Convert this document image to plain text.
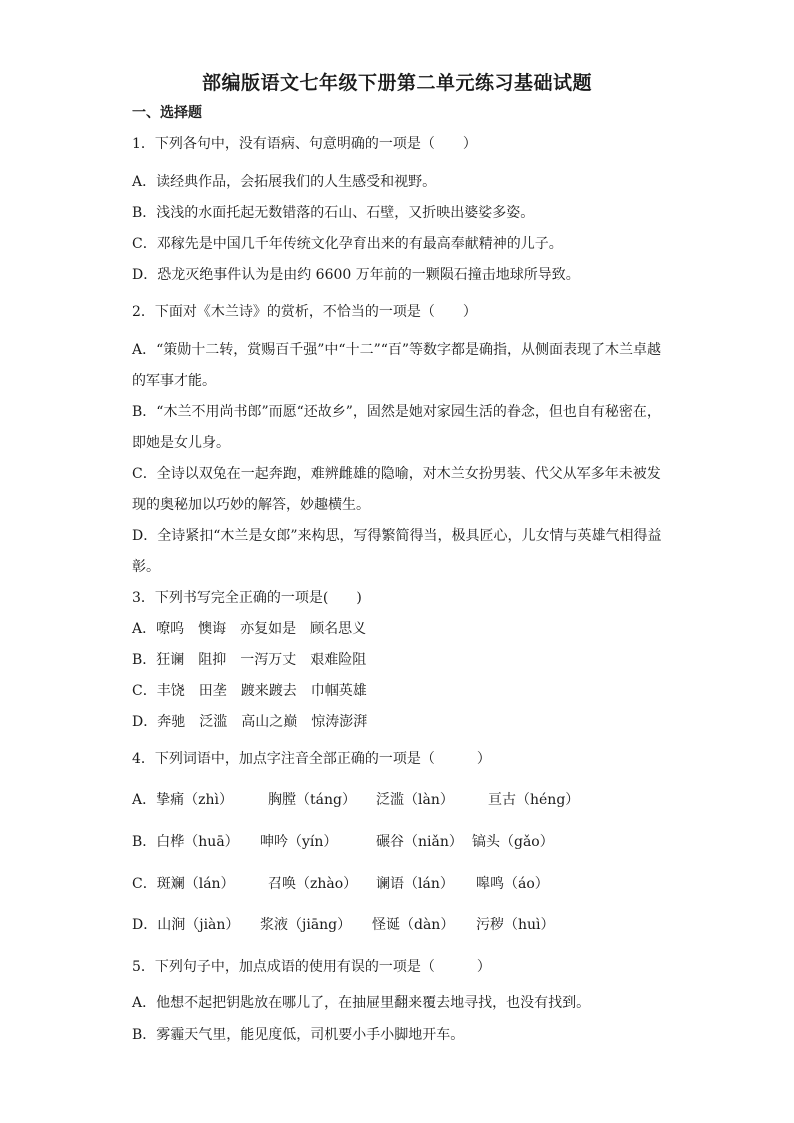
部编版语文七年级下册第二单元练习基础试题
一、选择题
1．下列各句中，没有语病、句意明确的一项是（　　）
A．读经典作品，会拓展我们的人生感受和视野。
B．浅浅的水面托起无数错落的石山、石壁，又折映出婆娑多姿。
C．邓稼先是中国几千年传统文化孕育出来的有最高奉献精神的儿子。
D．恐龙灭绝事件认为是由约 6600 万年前的一颗陨石撞击地球所导致。
2．下面对《木兰诗》的赏析，不恰当的一项是（　　）
A．“策勋十二转，赏赐百千强”中“十二”“百”等数字都是确指，从侧面表现了木兰卓越
的军事才能。
B．“木兰不用尚书郎”而愿“还故乡”，固然是她对家园生活的眷念，但也自有秘密在，
即她是女儿身。
C．全诗以双兔在一起奔跑，难辨雌雄的隐喻，对木兰女扮男装、代父从军多年未被发
现的奥秘加以巧妙的解答，妙趣横生。
D．全诗紧扣“木兰是女郎”来构思，写得繁简得当，极具匠心，儿女情与英雄气相得益
彰。
3．下列书写完全正确的一项是(　　)
A．嘹呜　懊诲　亦复如是　顾名思义
B．狂谰　阻抑　一泻万丈　艰难险阻
C．丰饶　田垄　踱来踱去　巾帼英雄
D．奔驰　泛滥　高山之巅　惊涛澎湃
4．下列词语中，加点字注音全部正确的一项是（　　　）
A．挚痛（zhì）	胸膛（táng） 泛滥（làn） 亘古（héng）
B．白桦（huā） 呻吟（yín）	碾谷（niǎn） 镐头（gǎo）
C．斑斓（lán） 召唤（zhào） 谰语（lán） 嗥鸣（áo）
D．山涧（jiàn） 浆液（jiāng） 怪诞（dàn） 污秽（huì）
5．下列句子中，加点成语的使用有误的一项是（　　　）
A．他想不起把钥匙放在哪儿了，在抽屉里翻来覆去地寻找，也没有找到。
B．雾霾天气里，能见度低，司机要小手小脚地开车。
